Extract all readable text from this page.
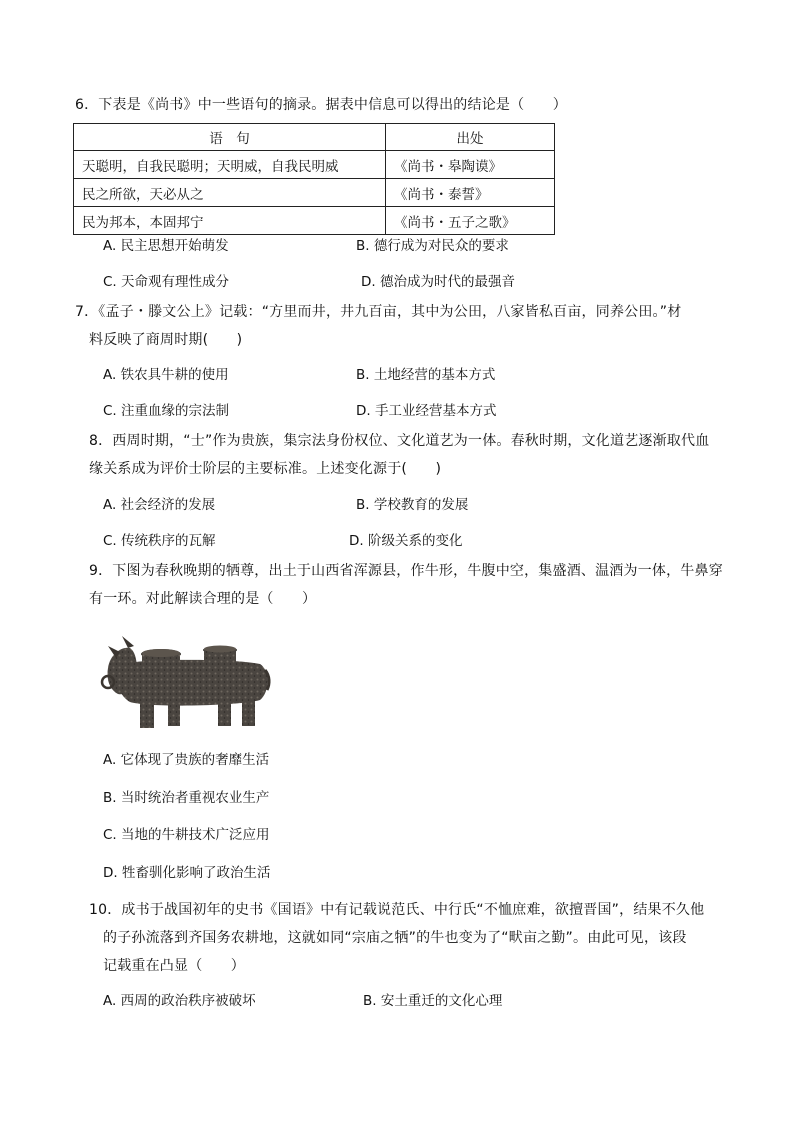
6．下表是《尚书》中一些语句的摘录。据表中信息可以得出的结论是（　　）
语　句	出处
天聪明，自我民聪明；天明威，自我民明威	《尚书・皋陶谟》
民之所欲，天必从之	《尚书・泰誓》
民为邦本，本固邦宁	《尚书・五子之歌》
A. 民主思想开始萌发	B. 德行成为对民众的要求
C. 天命观有理性成分	D. 德治成为时代的最强音
7．《孟子・滕文公上》记载：“方里而井，井九百亩，其中为公田，八家皆私百亩，同养公田。”材
料反映了商周时期(　　)
A. 铁农具牛耕的使用	B. 土地经营的基本方式
C. 注重血缘的宗法制	D. 手工业经营基本方式
8．西周时期，“士”作为贵族，集宗法身份权位、文化道艺为一体。春秋时期，文化道艺逐渐取代血
缘关系成为评价士阶层的主要标准。上述变化源于(　　)
A. 社会经济的发展	B. 学校教育的发展
C. 传统秩序的瓦解	D. 阶级关系的变化
9．下图为春秋晚期的牺尊，出土于山西省浑源县，作牛形，牛腹中空，集盛酒、温酒为一体，牛鼻穿
有一环。对此解读合理的是（　　）
A. 它体现了贵族的奢靡生活
B. 当时统治者重视农业生产
C. 当地的牛耕技术广泛应用
D. 牲畜驯化影响了政治生活
10．成书于战国初年的史书《国语》中有记载说范氏、中行氏“不恤庶难，欲擅晋国”，结果不久他
的子孙流落到齐国务农耕地，这就如同“宗庙之牺”的牛也变为了“畎亩之勤”。由此可见，该段
记载重在凸显（　　）
A. 西周的政治秩序被破坏	B. 安土重迁的文化心理
